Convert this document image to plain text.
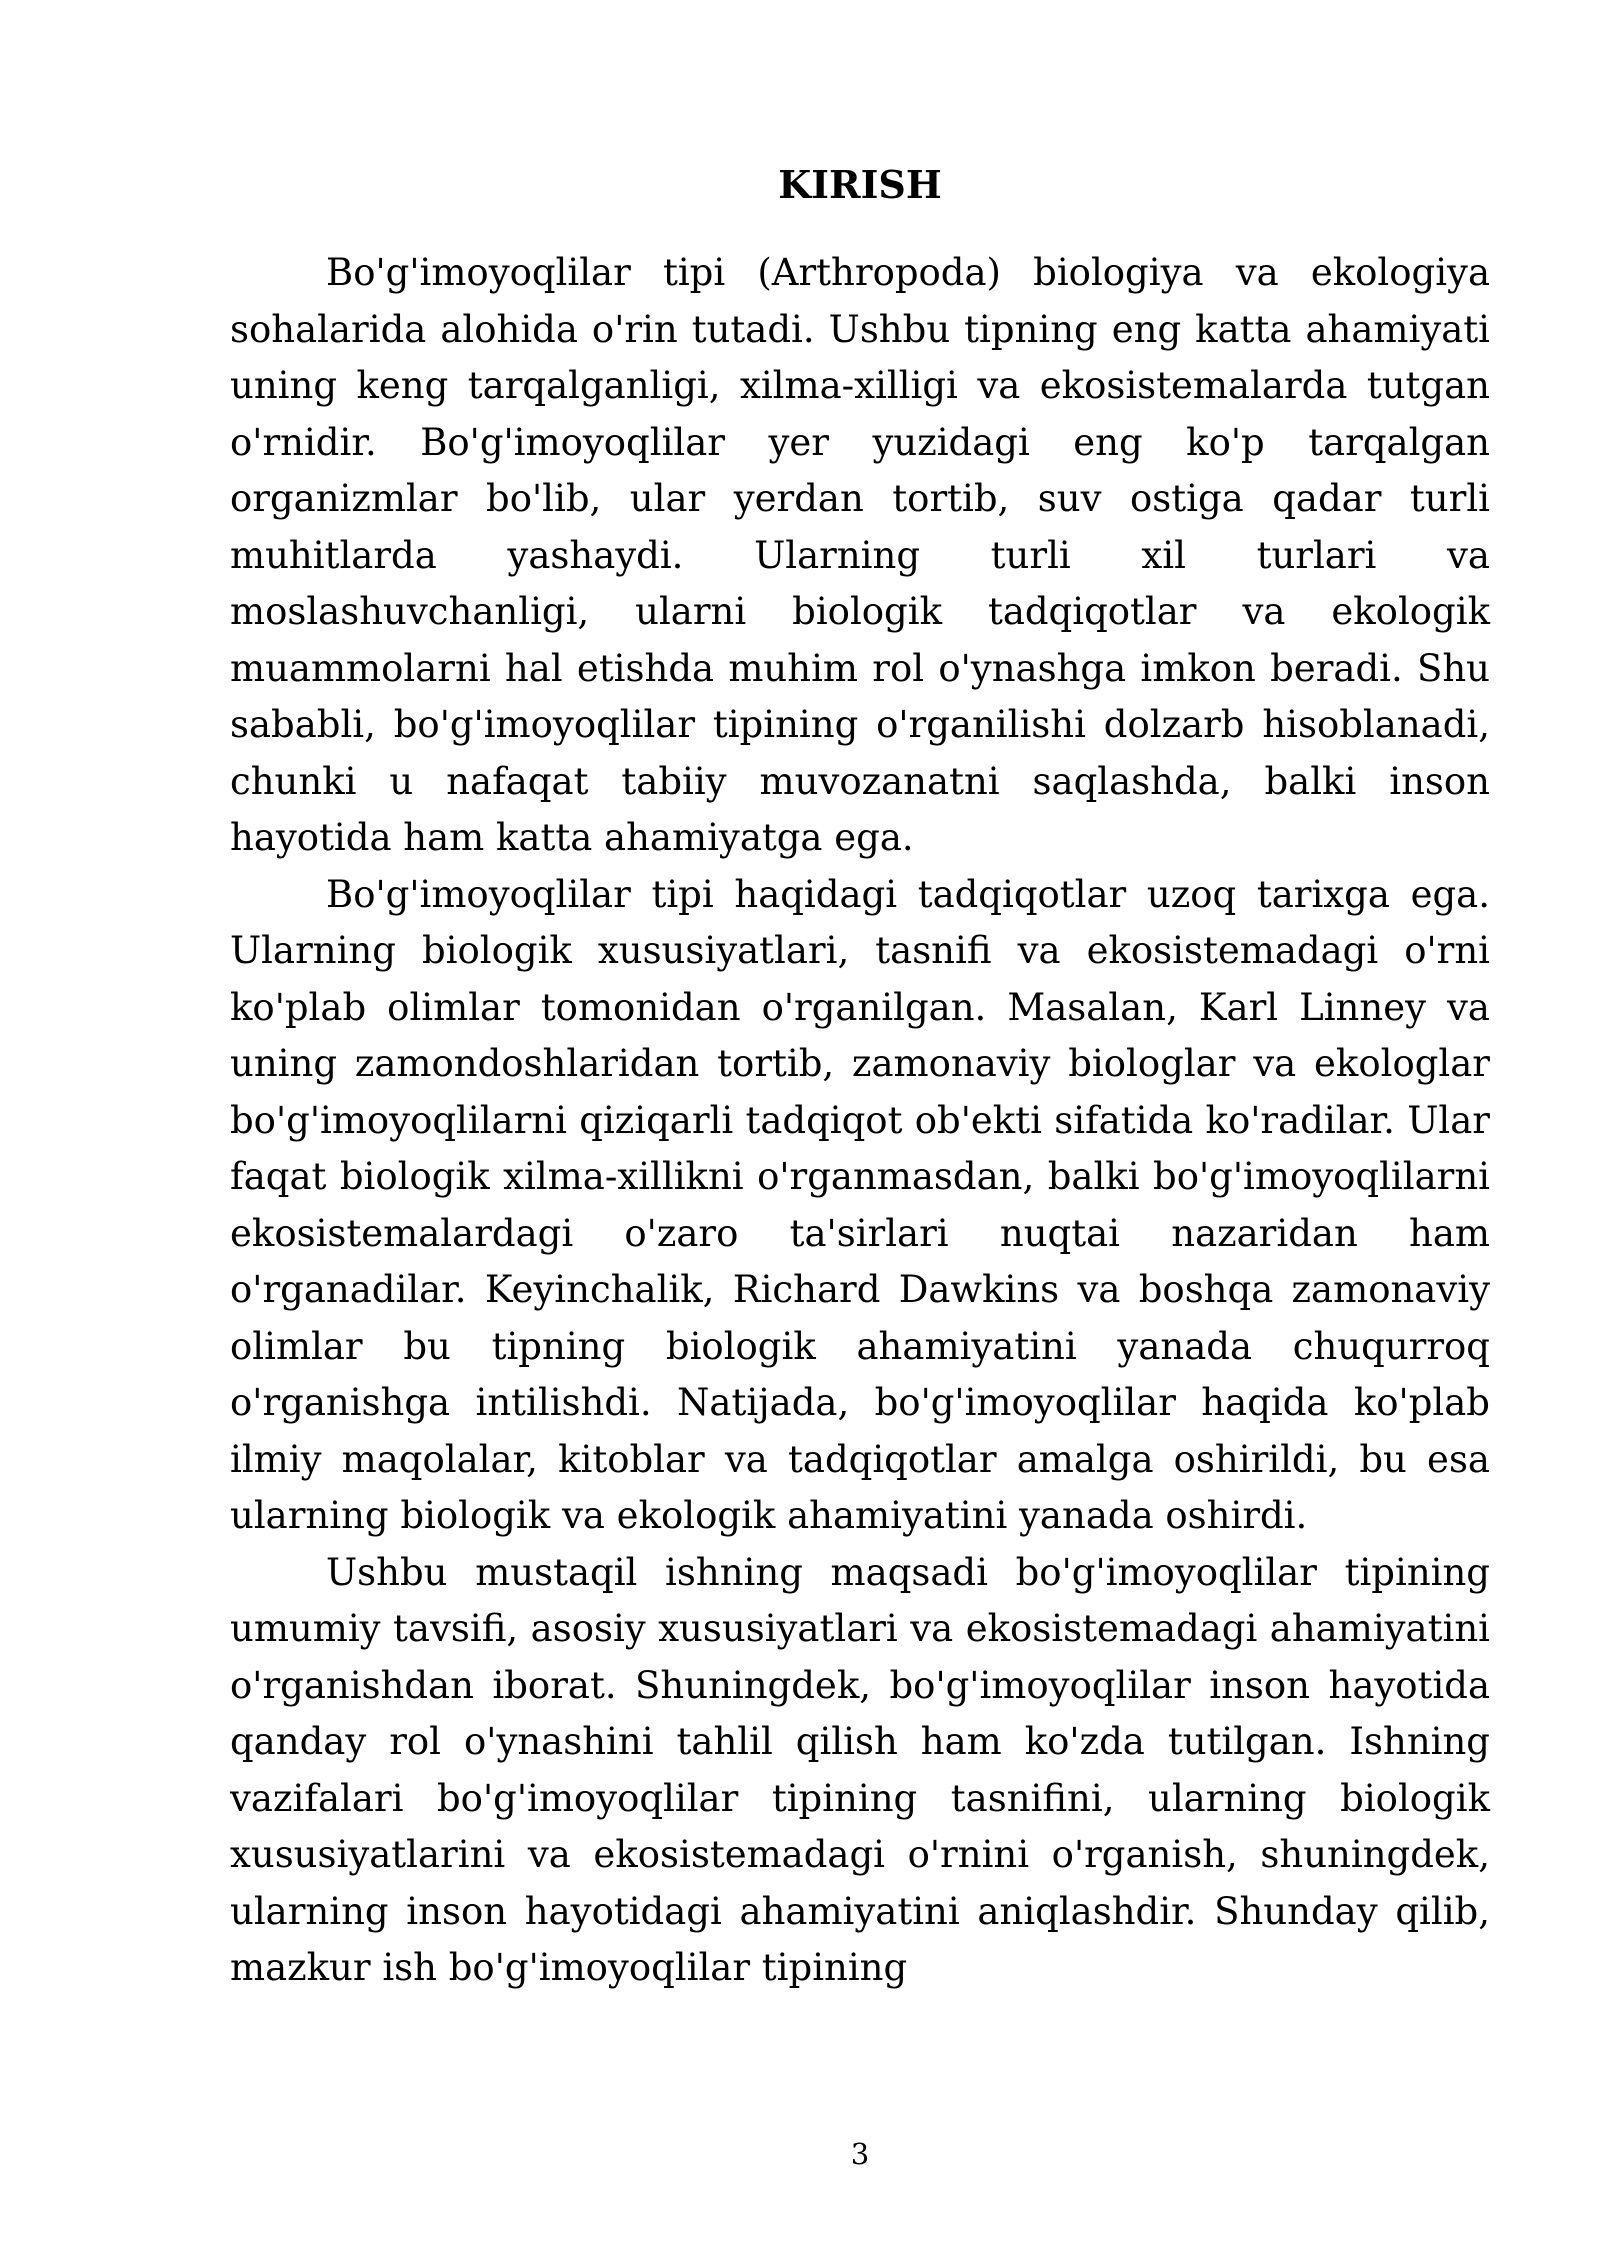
KIRISH

Bo'g'imoyoqlilar tipi (Arthropoda) biologiya va ekologiya sohalarida alohida o'rin tutadi. Ushbu tipning eng katta ahamiyati uning keng tarqalganligi, xilma-xilligi va ekosistemalarda tutgan o'rnidir. Bo'g'imoyoqlilar yer yuzidagi eng ko'p tarqalgan organizmlar bo'lib, ular yerdan tortib, suv ostiga qadar turli muhitlarda yashaydi. Ularning turli xil turlari va moslashuvchanligi, ularni biologik tadqiqotlar va ekologik muammolarni hal etishda muhim rol o'ynashga imkon beradi. Shu sababli, bo'g'imoyoqlilar tipining o'rganilishi dolzarb hisoblanadi, chunki u nafaqat tabiiy muvozanatni saqlashda, balki inson hayotida ham katta ahamiyatga ega.

Bo'g'imoyoqlilar tipi haqidagi tadqiqotlar uzoq tarixga ega. Ularning biologik xususiyatlari, tasnifi va ekosistemadagi o'rni ko'plab olimlar tomonidan o'rganilgan. Masalan, Karl Linney va uning zamondoshlaridan tortib, zamonaviy biologlar va ekologlar bo'g'imoyoqlilarni qiziqarli tadqiqot ob'ekti sifatida ko'radilar. Ular faqat biologik xilma-xillikni o'rganmasdan, balki bo'g'imoyoqlilarni ekosistemalardagi o'zaro ta'sirlari nuqtai nazaridan ham o'rganadilar. Keyinchalik, Richard Dawkins va boshqa zamonaviy olimlar bu tipning biologik ahamiyatini yanada chuqurroq o'rganishga intilishdi. Natijada, bo'g'imoyoqlilar haqida ko'plab ilmiy maqolalar, kitoblar va tadqiqotlar amalga oshirildi, bu esa ularning biologik va ekologik ahamiyatini yanada oshirdi.

Ushbu mustaqil ishning maqsadi bo'g'imoyoqlilar tipining umumiy tavsifi, asosiy xususiyatlari va ekosistemadagi ahamiyatini o'rganishdan iborat. Shuningdek, bo'g'imoyoqlilar inson hayotida qanday rol o'ynashini tahlil qilish ham ko'zda tutilgan. Ishning vazifalari bo'g'imoyoqlilar tipining tasnifini, ularning biologik xususiyatlarini va ekosistemadagi o'rnini o'rganish, shuningdek, ularning inson hayotidagi ahamiyatini aniqlashdir. Shunday qilib, mazkur ish bo'g'imoyoqlilar tipining

3
